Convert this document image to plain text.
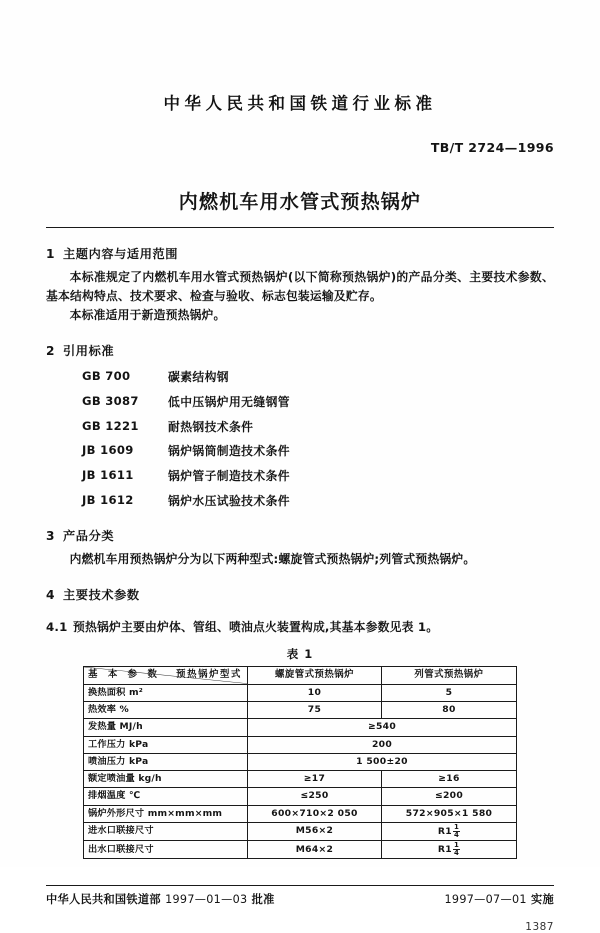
中华人民共和国铁道行业标准
TB/T 2724—1996
内燃机车用水管式预热锅炉
1 主题内容与适用范围

本标准规定了内燃机车用水管式预热锅炉(以下简称预热锅炉)的产品分类、主要技术参数、基本结构特点、技术要求、检查与验收、标志包装运输及贮存。

本标准适用于新造预热锅炉。

2 引用标准
GB 700	碳素结构钢
GB 3087	低中压锅炉用无缝钢管
GB 1221	耐热钢技术条件
JB 1609	锅炉锅筒制造技术条件
JB 1611	锅炉管子制造技术条件
JB 1612	锅炉水压试验技术条件
3 产品分类

内燃机车用预热锅炉分为以下两种型式:螺旋管式预热锅炉;列管式预热锅炉。

4 主要技术参数
4.1 预热锅炉主要由炉体、管组、喷油点火装置构成,其基本参数见表 1。
表 1
预热锅炉型式
基 本 参 数	螺旋管式预热锅炉	列管式预热锅炉
换热面积 m²	10	5
热效率 %	75	80
发热量 MJ/h	≥540	
工作压力 kPa	200	
喷油压力 kPa	1 500±20	
额定喷油量 kg/h	≥17	≥16
排烟温度 ℃	≤250	≤200
锅炉外形尺寸 mm×mm×mm	600×710×2 050	572×905×1 580
进水口联接尺寸	M56×2	$R1 \frac{1}{4}$

出水口联接尺寸	M64×2	$R1 \frac{1}{4}$
中华人民共和国铁道部 1997—01—03 批准	1997—07—01 实施
1387
